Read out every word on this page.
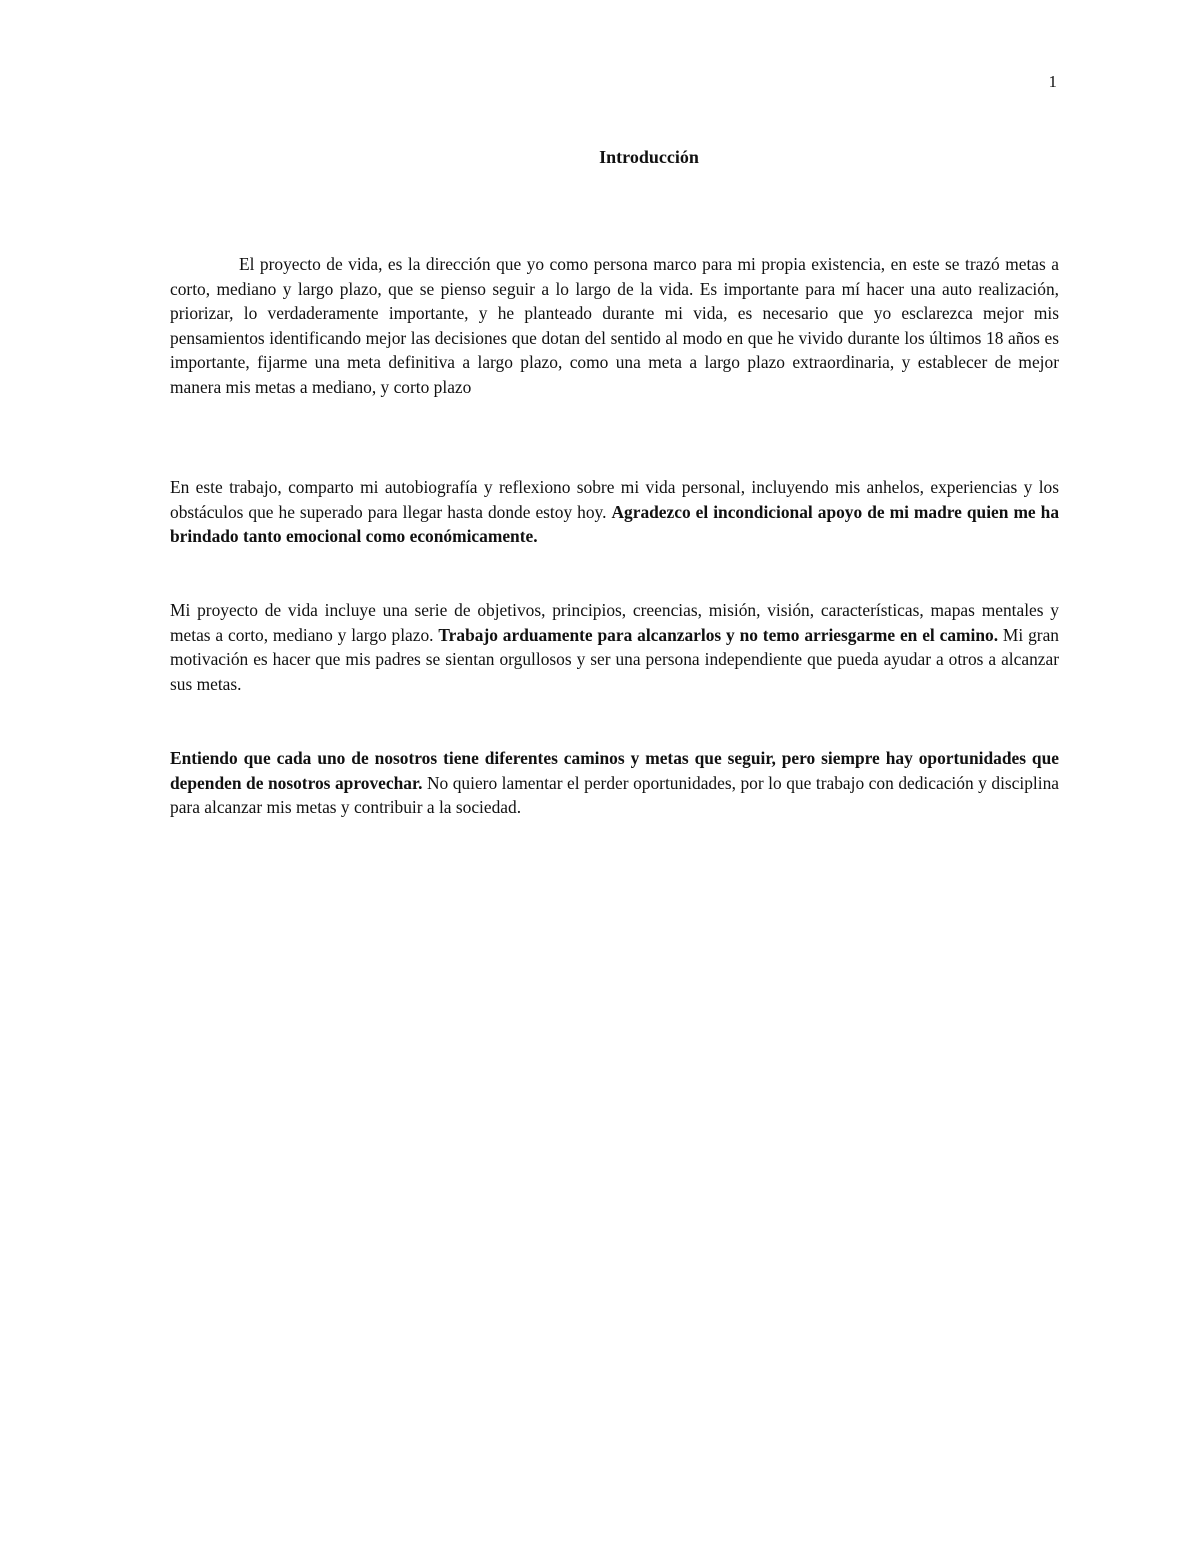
1
Introducción

El proyecto de vida, es la dirección que yo como persona marco para mi propia existencia, en este se trazó metas a corto, mediano y largo plazo, que se pienso seguir a lo largo de la vida. Es importante para mí hacer una auto realización, priorizar, lo verdaderamente importante, y he planteado durante mi vida, es necesario que yo esclarezca mejor mis pensamientos identificando mejor las decisiones que dotan del sentido al modo en que he vivido durante los últimos 18 años es importante, fijarme una meta definitiva a largo plazo, como una meta a largo plazo extraordinaria, y establecer de mejor manera mis metas a mediano, y corto plazo

En este trabajo, comparto mi autobiografía y reflexiono sobre mi vida personal, incluyendo mis anhelos, experiencias y los obstáculos que he superado para llegar hasta donde estoy hoy. Agradezco el incondicional apoyo de mi madre quien me ha brindado tanto emocional como económicamente.

Mi proyecto de vida incluye una serie de objetivos, principios, creencias, misión, visión, características, mapas mentales y metas a corto, mediano y largo plazo. Trabajo arduamente para alcanzarlos y no temo arriesgarme en el camino. Mi gran motivación es hacer que mis padres se sientan orgullosos y ser una persona independiente que pueda ayudar a otros a alcanzar sus metas.

Entiendo que cada uno de nosotros tiene diferentes caminos y metas que seguir, pero siempre hay oportunidades que dependen de nosotros aprovechar. No quiero lamentar el perder oportunidades, por lo que trabajo con dedicación y disciplina para alcanzar mis metas y contribuir a la sociedad.
